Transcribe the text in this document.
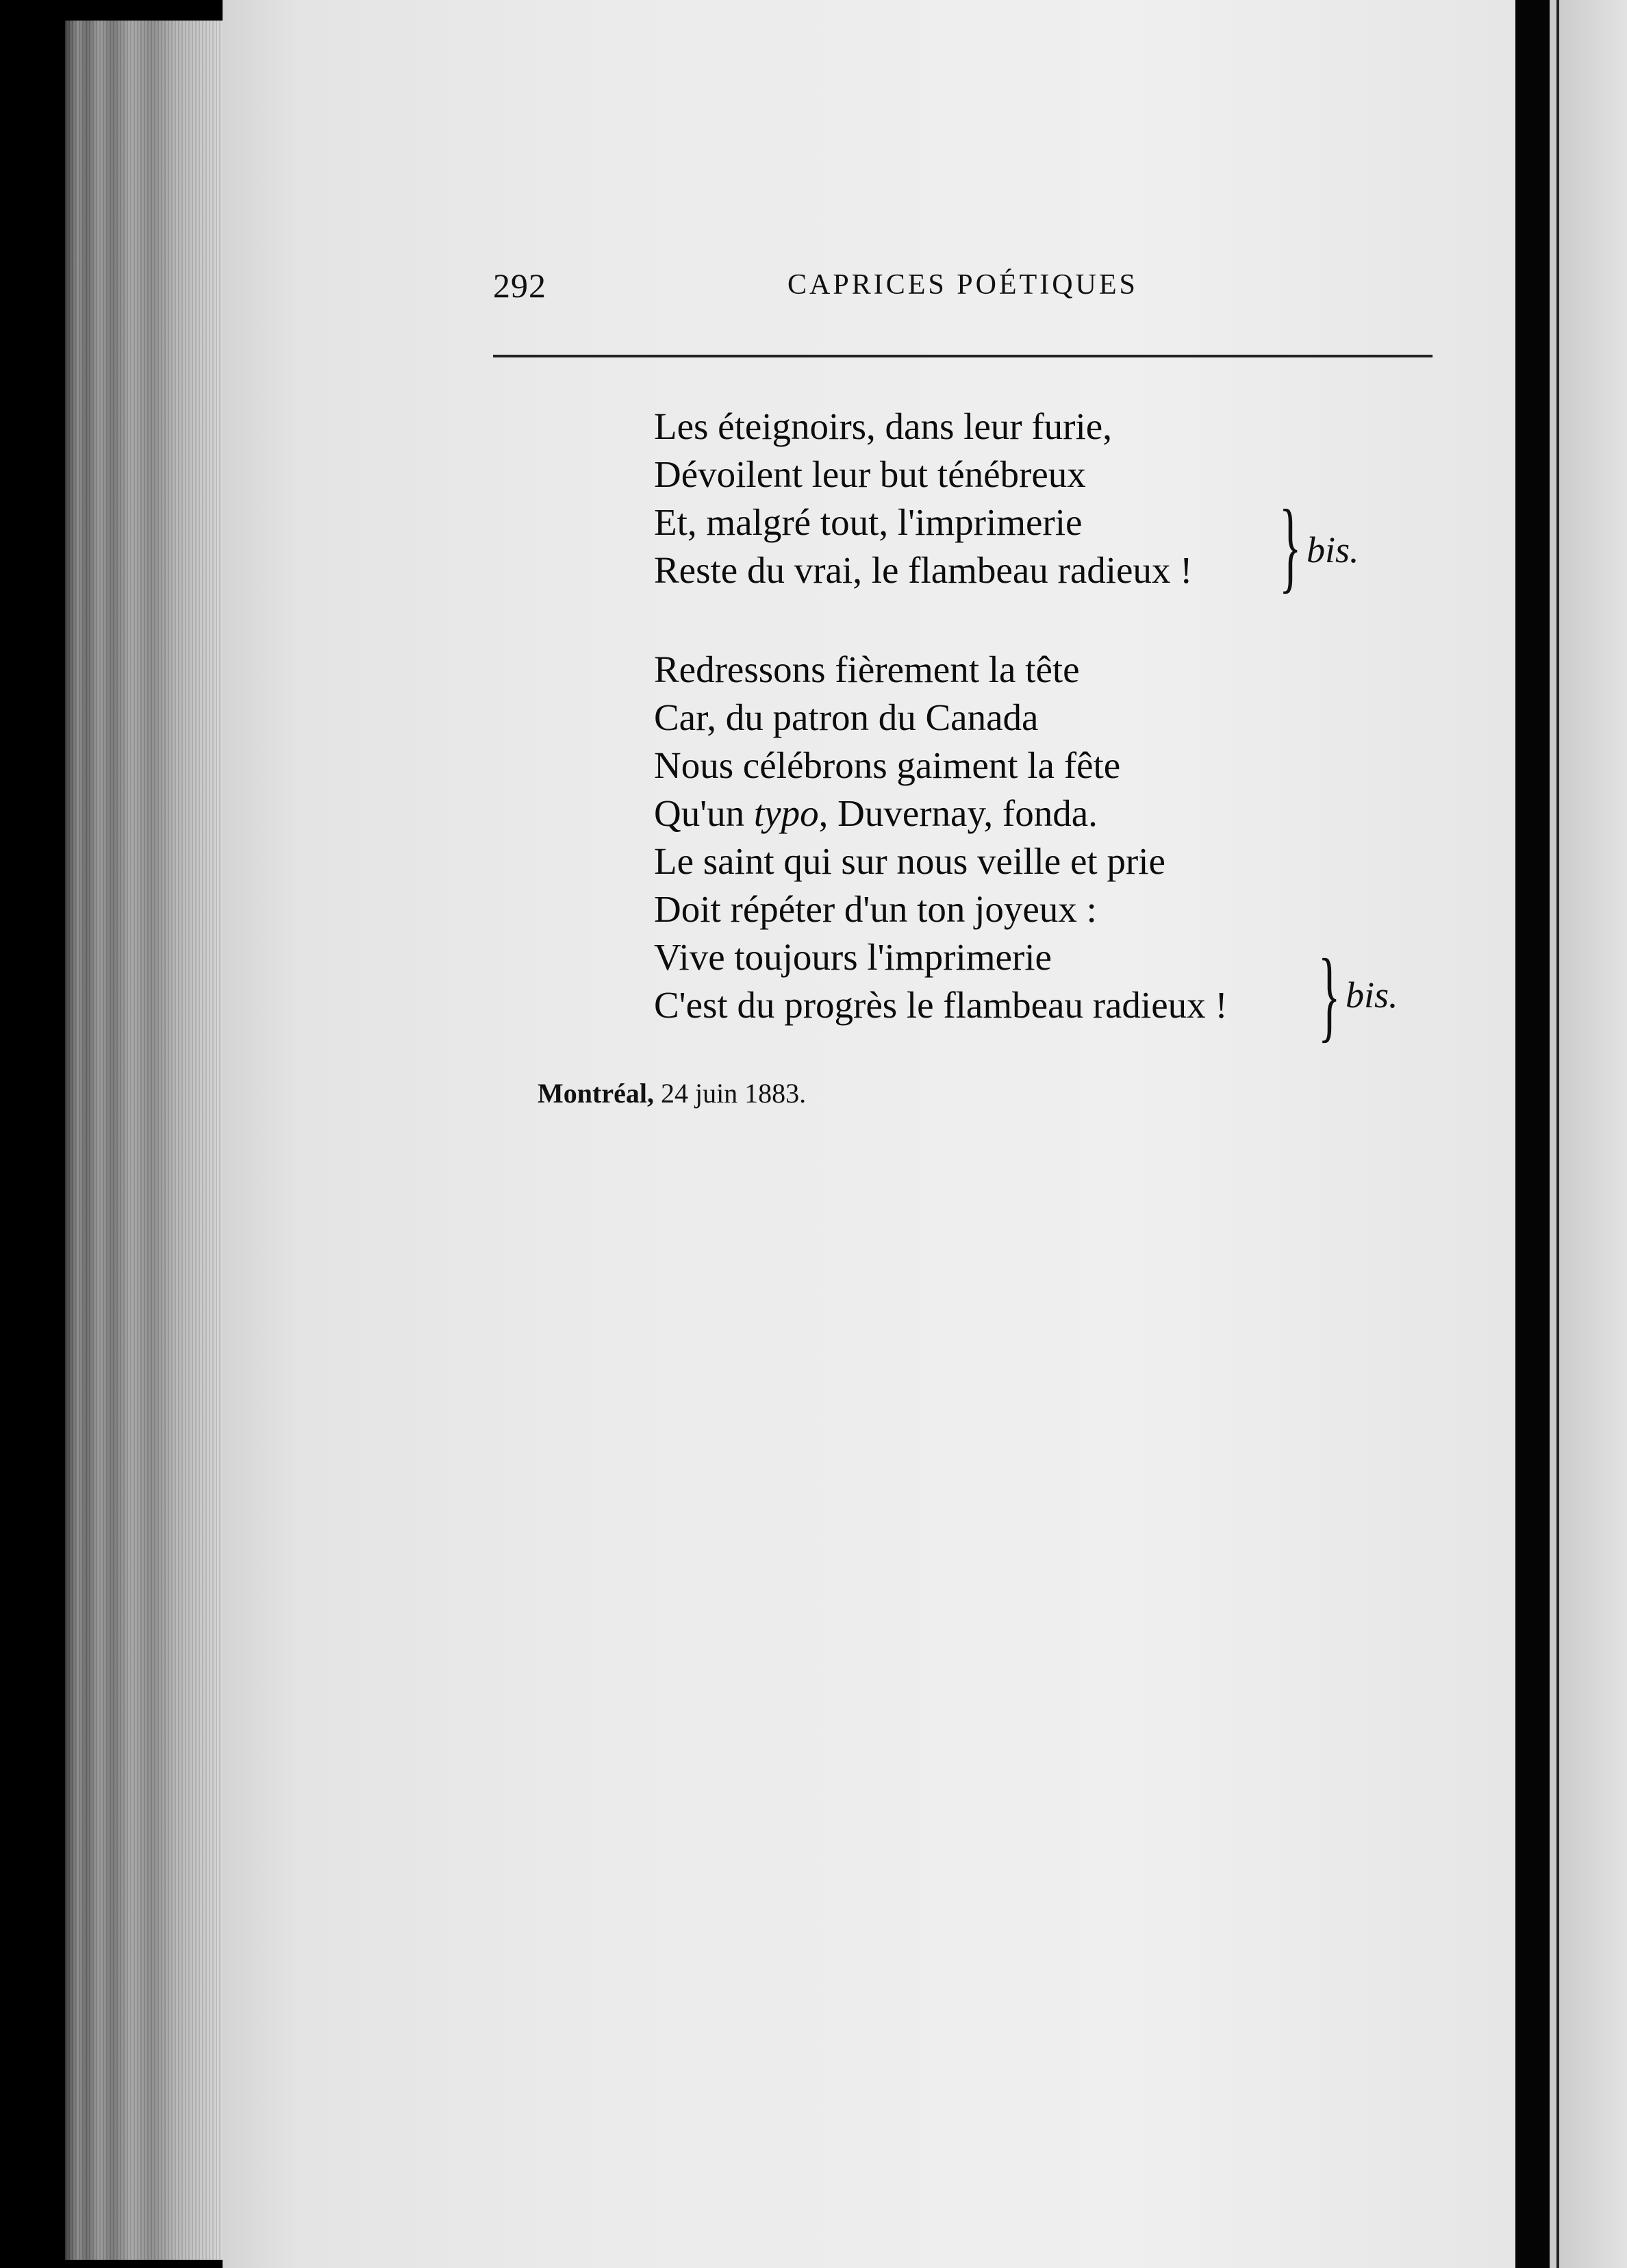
292	CAPRICES POÉTIQUES
Les éteignoirs, dans leur furie,
Dévoilent leur but ténébreux
Et, malgré tout, l'imprimerie
Reste du vrai, le flambeau radieux ! } bis.
Redressons fièrement la tête
Car, du patron du Canada
Nous célébrons gaiment la fête
Qu'un typo, Duvernay, fonda.
Le saint qui sur nous veille et prie
Doit répéter d'un ton joyeux :
Vive toujours l'imprimerie
C'est du progrès le flambeau radieux ! } bis.
Montréal, 24 juin 1883.
